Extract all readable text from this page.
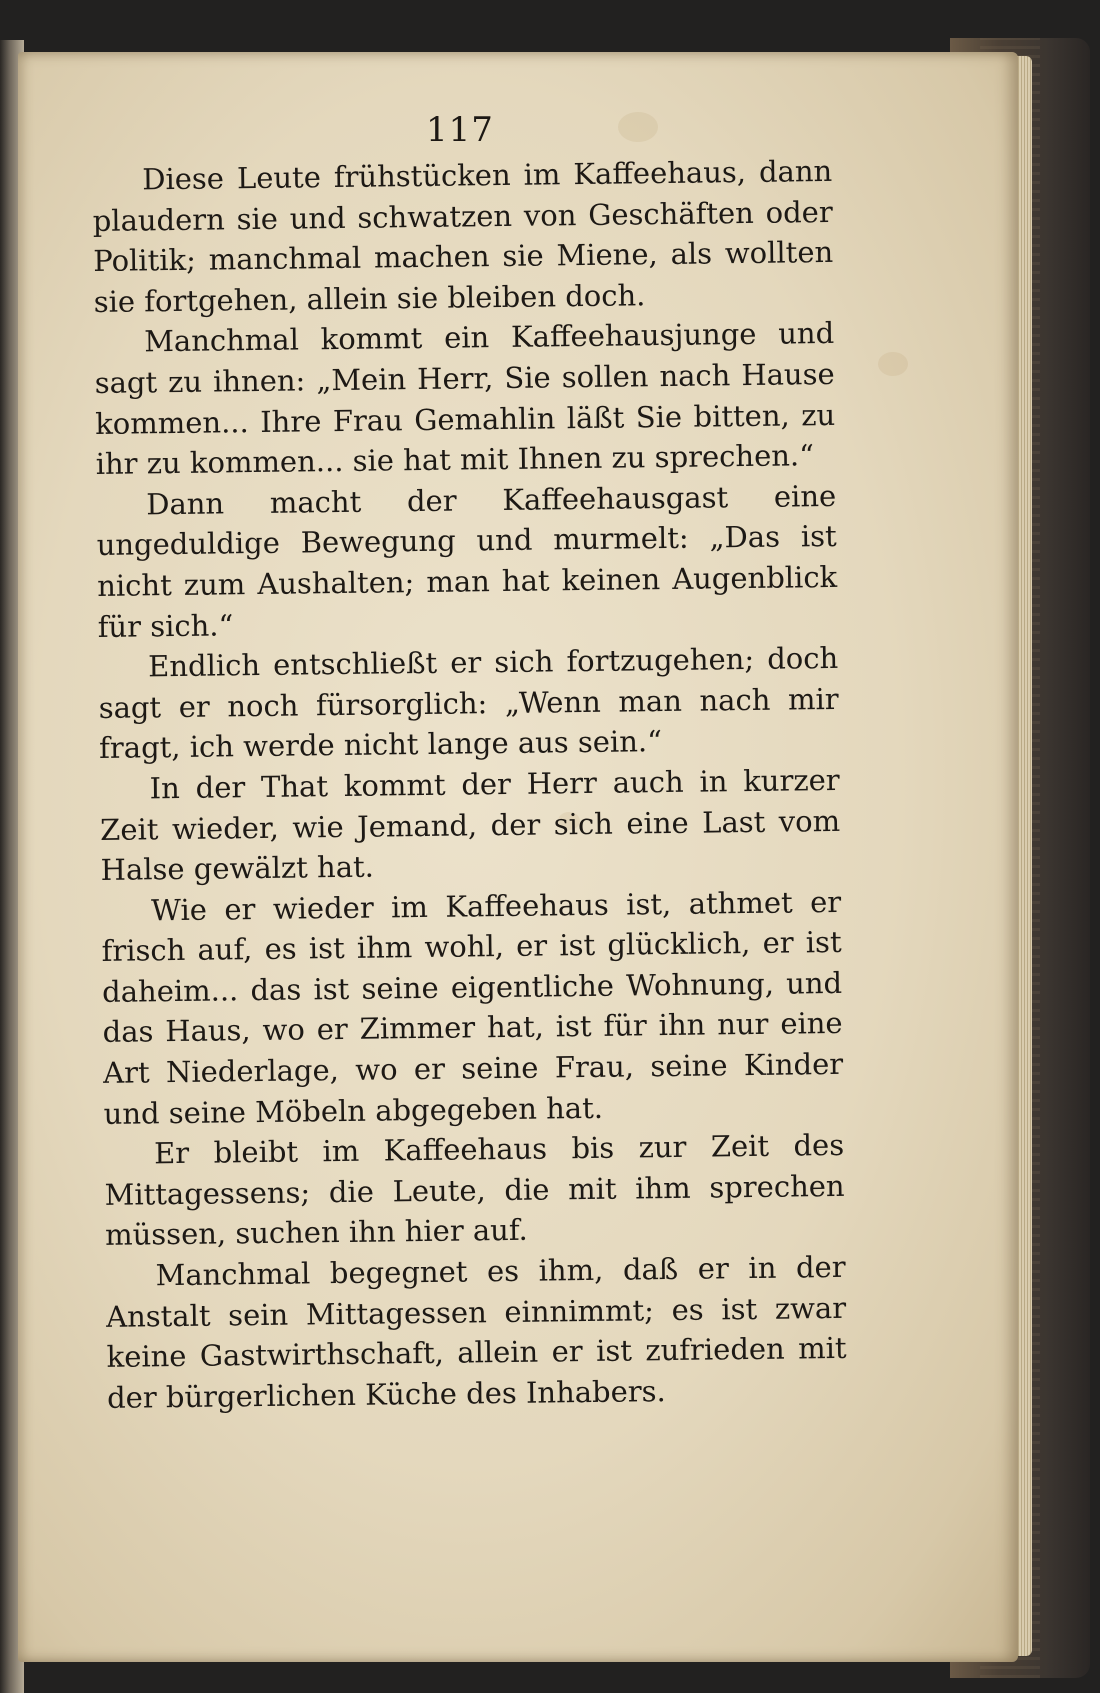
117

Diese Leute frühstücken im Kaffeehaus, dann plaudern sie und schwatzen von Geschäften oder Politik; manchmal machen sie Miene, als wollten sie fortgehen, allein sie bleiben doch.

Manchmal kommt ein Kaffeehausjunge und sagt zu ihnen: „Mein Herr, Sie sollen nach Hause kommen... Ihre Frau Gemahlin läßt Sie bitten, zu ihr zu kommen... sie hat mit Ihnen zu sprechen.“

Dann macht der Kaffeehausgast eine ungeduldige Bewegung und murmelt: „Das ist nicht zum Aushalten; man hat keinen Augenblick für sich.“

Endlich entschließt er sich fortzugehen; doch sagt er noch fürsorglich: „Wenn man nach mir fragt, ich werde nicht lange aus sein.“

In der That kommt der Herr auch in kurzer Zeit wieder, wie Jemand, der sich eine Last vom Halse gewälzt hat.

Wie er wieder im Kaffeehaus ist, athmet er frisch auf, es ist ihm wohl, er ist glücklich, er ist daheim... das ist seine eigentliche Wohnung, und das Haus, wo er Zimmer hat, ist für ihn nur eine Art Niederlage, wo er seine Frau, seine Kinder und seine Möbeln abgegeben hat.

Er bleibt im Kaffeehaus bis zur Zeit des Mittagessens; die Leute, die mit ihm sprechen müssen, suchen ihn hier auf.

Manchmal begegnet es ihm, daß er in der Anstalt sein Mittagessen einnimmt; es ist zwar keine Gastwirthschaft, allein er ist zufrieden mit der bürgerlichen Küche des Inhabers.
